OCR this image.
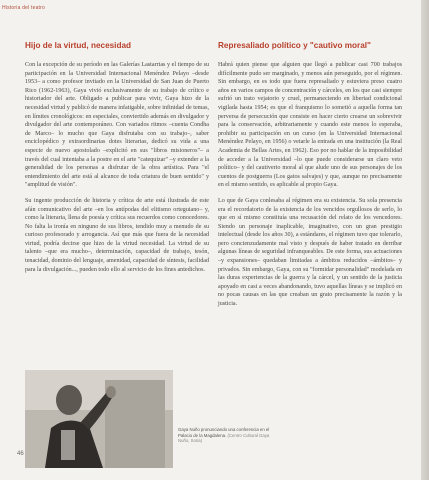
Historia del teatro
Hijo de la virtud, necesidad

Con la excepción de su período en las Galerías Lastarrias y el tiempo de su participación en la Universidad Internacional Menéndez Pelayo –desde 1953– a como profesor invitado en la Universidad de San Juan de Puerto Rico (1962-1963), Gaya vivió exclusivamente de su trabajo de crítico e historiador del arte. Obligado a publicar para vivir, Gaya hizo de la necesidad virtud y publicó de manera infatigable, sobre infinidad de temas, en límites cronológicos: en especiales, conviertido además en divulgador y divulgador del arte contemporáneo. Con variados ritmos –cuenta Condha de Marco– lo mucho que Gaya disfrutaba con su trabajo–, saber enciclopédico y extraordinarias dotes literarias, dedicó su vida a una especie de nuevo apostolado –explicitó en sus "libros misioneros"– a través del cual intentaba a la postre en el arte "catequizar" –y extender a la generalidad de los personas a disfrutar de la obra artística. Para "el entendimiento del arte está al alcance de toda criatura de buen sentido" y "amplitud de visión".

Su ingente producción de historia y crítica de arte está ilustrada de este afán comunicativo del arte –en los antípodas del elitismo orteguiano– y, como la literaria, llena de poesía y crítica sus recuerdos como conocedores. No falta la ironía en ninguno de sus libros, tendido muy a menudo de su curioso profesorado y arrogancia. Así que más que fuera de la necesidad virtud, podría decirse que hizo de la virtud necesidad. La virtud de su talento –que era mucho–, determinación, capacidad de trabajo, tesón, tenacidad, dominio del lenguaje, amenidad, capacidad de síntesis, facilidad para la divulgación..., pueden todo ello al servicio de los fines antedichos.

Represaliado político y "cautivo moral"

Habrá quien piense que alguien que llegó a publicar casi 700 trabajos difícilmente pudo ser marginado, y menos aún perseguido, por el régimen. Sin embargo, en es todo que fuera represaliado y estuviera preso cuatro años en varios campos de concentración y cárceles, en los que casi siempre sufrió un trato vejatorio y cruel, permaneciendo en libertad condicional vigilada hasta 1954; es que el franquismo lo sometió a aquella forma tan perversa de persecución que consiste en hacer cierto crearse un sobrevivir para la conservación, arbitrariamente y cuando este menos lo esperaba, prohibir su participación en un curso (en la Universidad Internacional Menéndez Pelayo, en 1956) o vetarle la entrada en una institución (la Real Academia de Bellas Artes, en 1962). Eso por no hablar de la imposibilidad de acceder a la Universidad –lo que puede considerarse un claro veto político– y del cautiverio moral al que alude uno de sus personajes de los cuentos de postguerra (Los gatos salvajes) y que, aunque no precisamente en el mismo sentido, es aplicable al propio Gaya.

Lo que de Gaya conlesaba al régimen era su existencia. Su sola presencia era el recordatorio de la existencia de los vencidos orgullosos de serlo, lo que en sí mismo constituía una recusación del relato de los vencedores. Siendo un personaje inaplicable, imaginativo, con un gran prestigio intelectual (desde los años 30), a estándares, el régimen tuvo que tolerarlo, pero concienzudamente mal visto y después de haber tratado en derribar algunas líneas de seguridad infranqueables. De este forma, sus actuaciones –y expansiones– quedaban limitadas a ámbitos reducidos –ámbitos– y privados. Sin embargo, Gaya, con su "formidar personalidad" modelada en las duras experiencias de la guerra y la cárcel, y un sentido de la justicia apoyado en casi a veces abandonando, tuvo aquellas líneas y se implicó en no pocas causas en las que creaban un grato precisamente la razón y la justicia.

Gaya Nuño pronunciando una conferencia en el Palacio de la Magdalena. (Centro Cultural Gaya Nuño, Soria)
46
